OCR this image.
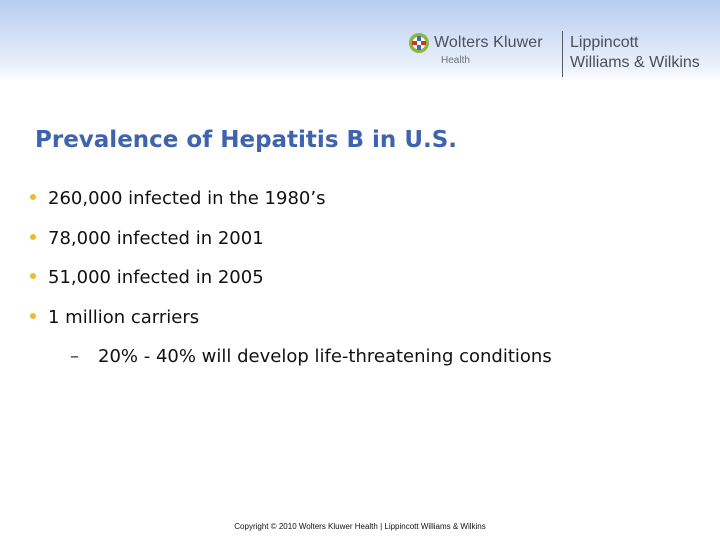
Wolters Kluwer
Health
Lippincott
Williams & Wilkins
Prevalence of Hepatitis B in U.S.
260,000 infected in the 1980’s
78,000 infected in 2001
51,000 infected in 2005
1 million carriers
– 20% - 40% will develop life-threatening conditions
Copyright © 2010 Wolters Kluwer Health | Lippincott Williams & Wilkins
